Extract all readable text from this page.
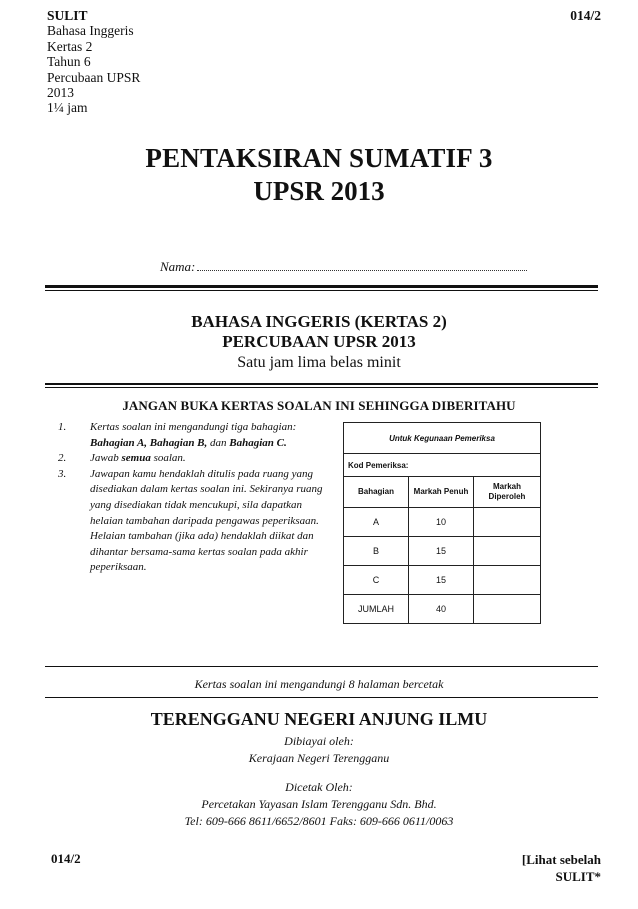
SULIT
Bahasa Inggeris
Kertas 2
Tahun 6
Percubaan UPSR
2013
1¼ jam
014/2
PENTAKSIRAN SUMATIF 3
UPSR 2013
Nama:
BAHASA INGGERIS (KERTAS 2)
PERCUBAAN UPSR 2013
Satu jam lima belas minit
JANGAN BUKA KERTAS SOALAN INI SEHINGGA DIBERITAHU
1.	Kertas soalan ini mengandungi tiga bahagian: Bahagian A, Bahagian B, dan Bahagian C.
2.	Jawab semua soalan.
3.	Jawapan kamu hendaklah ditulis pada ruang yang disediakan dalam kertas soalan ini. Sekiranya ruang yang disediakan tidak mencukupi, sila dapatkan helaian tambahan daripada pengawas peperiksaan. Helaian tambahan (jika ada) hendaklah diikat dan dihantar bersama-sama kertas soalan pada akhir peperiksaan.
Untuk Kegunaan Pemeriksa		
Kod Pemeriksa:		
Bahagian	Markah Penuh	Markah Diperoleh
A	10	
B	15	
C	15	
JUMLAH	40	
Kertas soalan ini mengandungi 8 halaman bercetak
TERENGGANU NEGERI ANJUNG ILMU
Dibiayai oleh:
Kerajaan Negeri Terengganu
Dicetak Oleh:
Percetakan Yayasan Islam Terengganu Sdn. Bhd.
Tel: 609-666 8611/6652/8601 Faks: 609-666 0611/0063
014/2	[Lihat sebelah
SULIT*
